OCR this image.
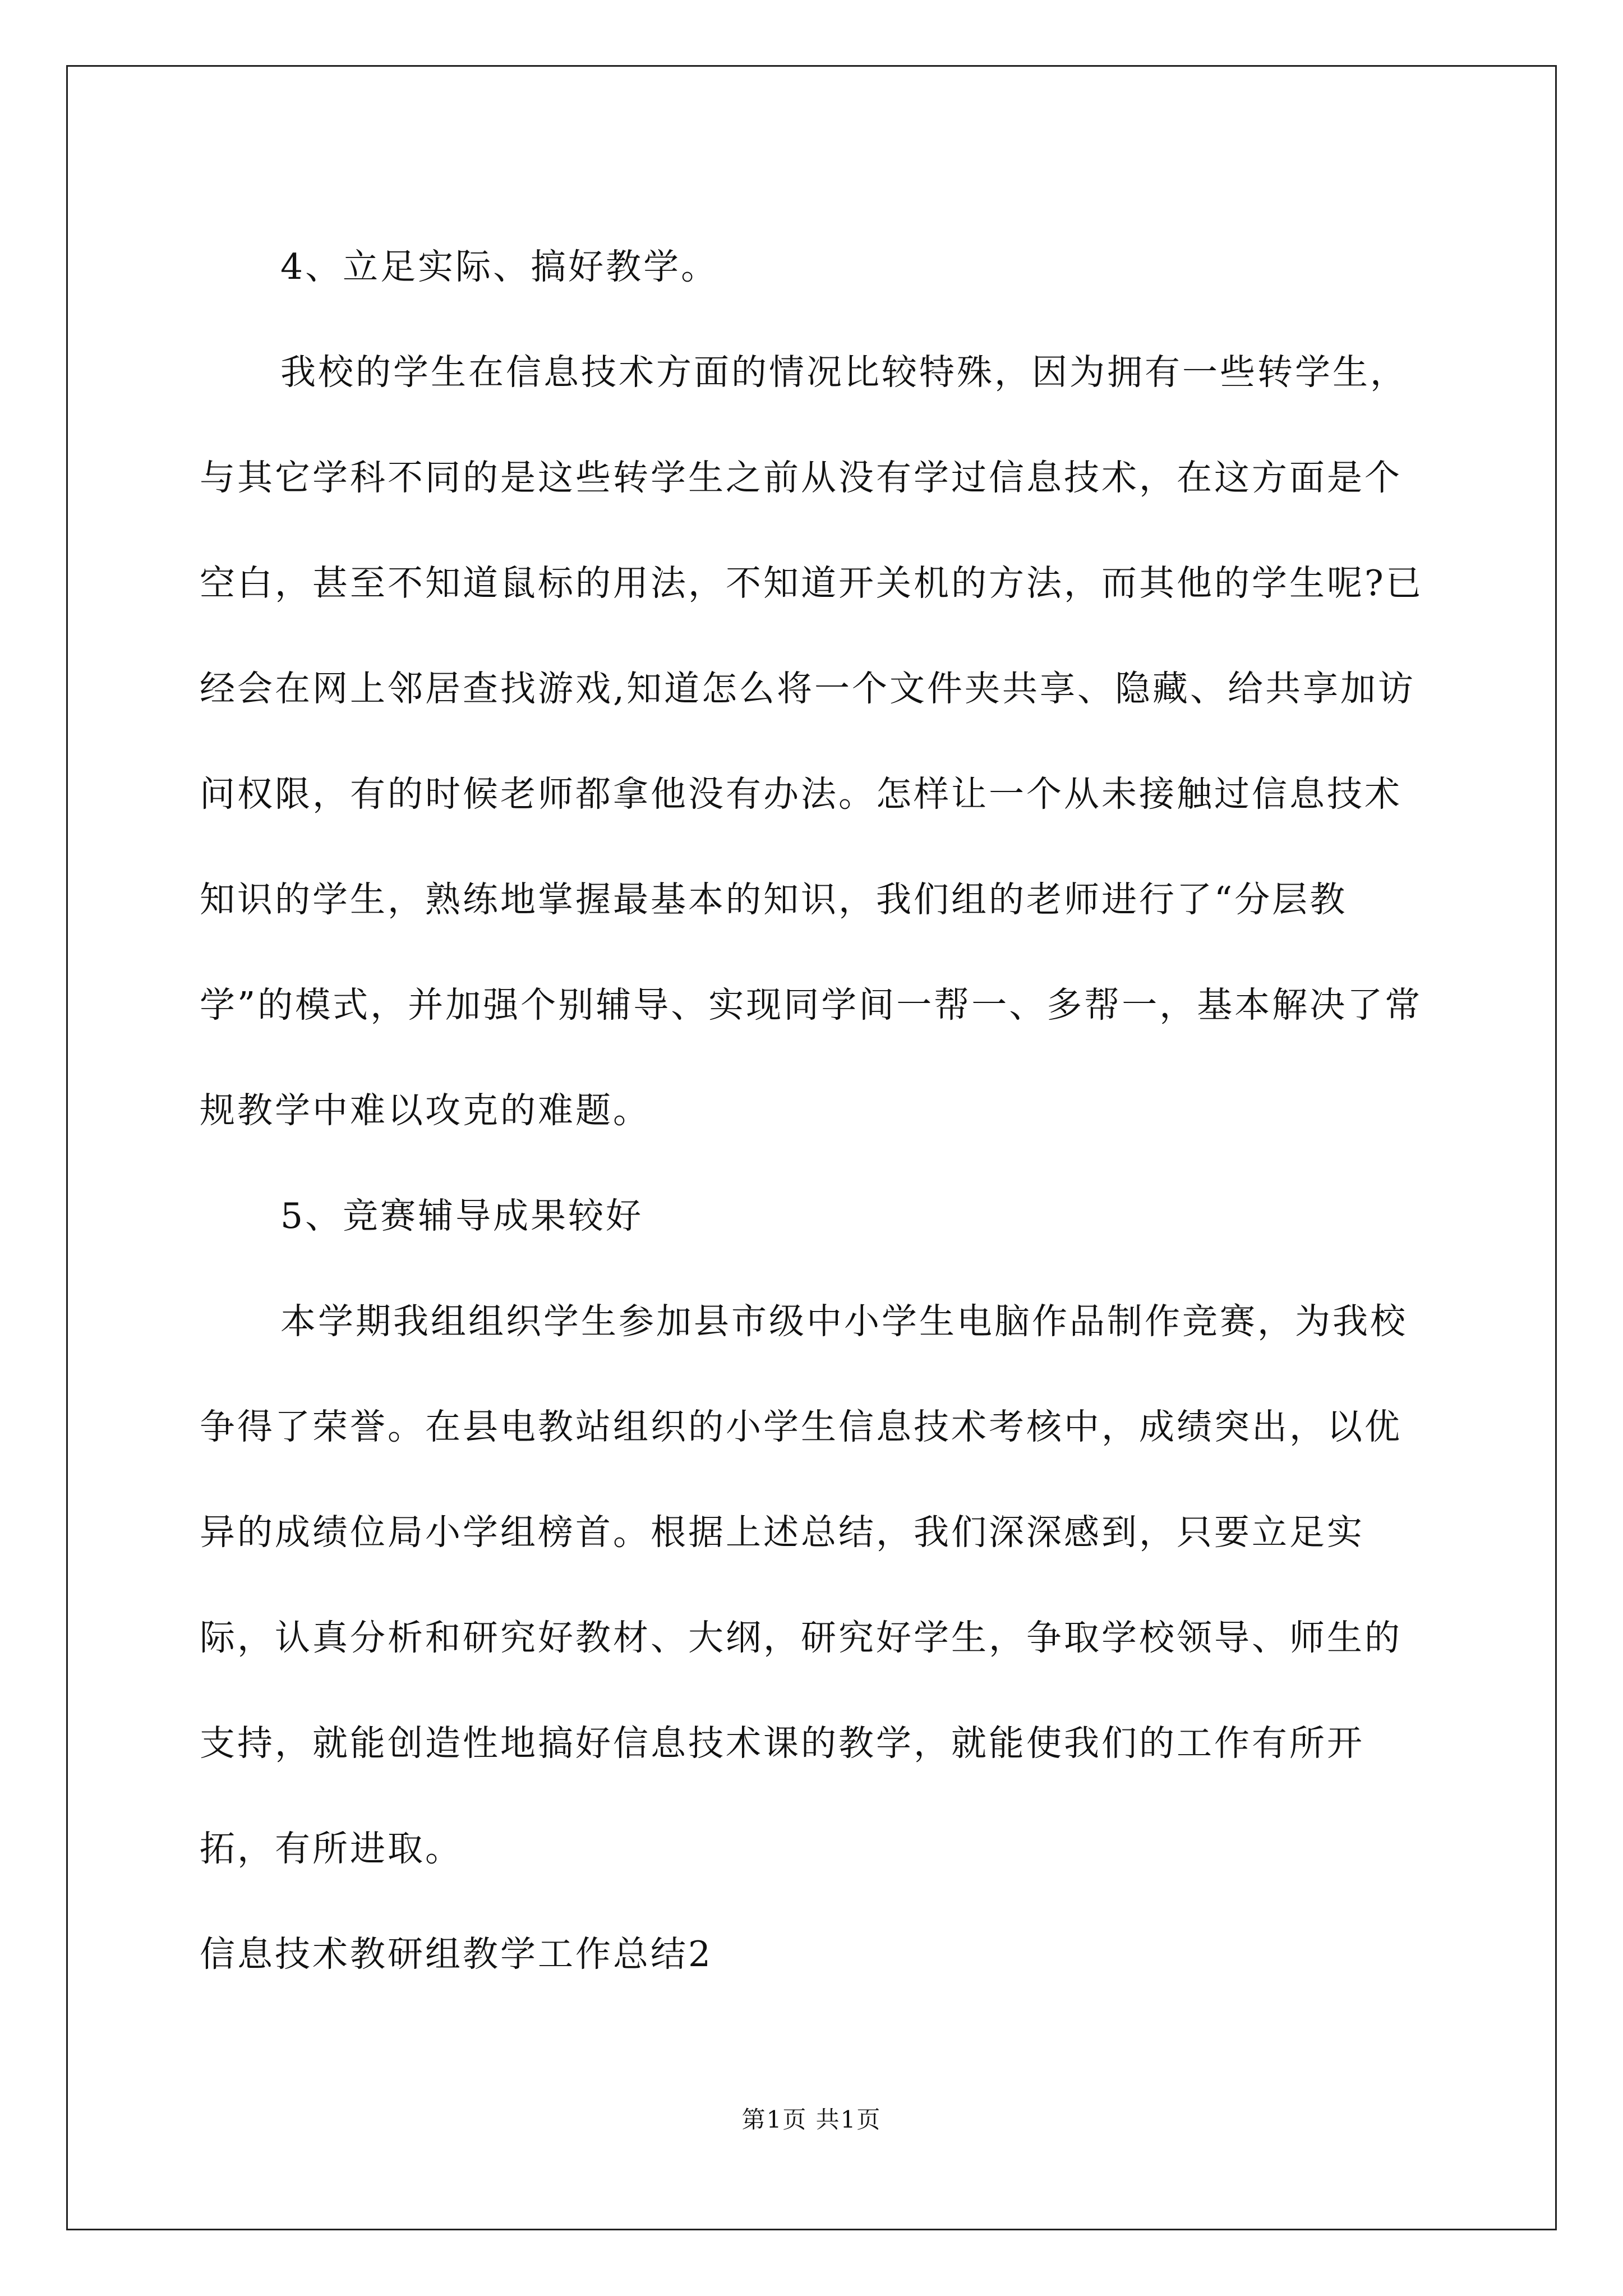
4、立足实际、搞好教学。

我校的学生在信息技术方面的情况比较特殊，因为拥有一些转学生，与其它学科不同的是这些转学生之前从没有学过信息技术，在这方面是个空白，甚至不知道鼠标的用法，不知道开关机的方法，而其他的学生呢?已经会在网上邻居查找游戏,知道怎么将一个文件夹共享、隐藏、给共享加访问权限，有的时候老师都拿他没有办法。怎样让一个从未接触过信息技术知识的学生，熟练地掌握最基本的知识，我们组的老师进行了“分层教学”的模式，并加强个别辅导、实现同学间一帮一、多帮一，基本解决了常规教学中难以攻克的难题。

5、竞赛辅导成果较好

本学期我组组织学生参加县市级中小学生电脑作品制作竞赛，为我校争得了荣誉。在县电教站组织的小学生信息技术考核中，成绩突出，以优异的成绩位局小学组榜首。根据上述总结，我们深深感到，只要立足实际，认真分析和研究好教材、大纲，研究好学生，争取学校领导、师生的支持，就能创造性地搞好信息技术课的教学，就能使我们的工作有所开拓，有所进取。

信息技术教研组教学工作总结2

第1页 共1页
